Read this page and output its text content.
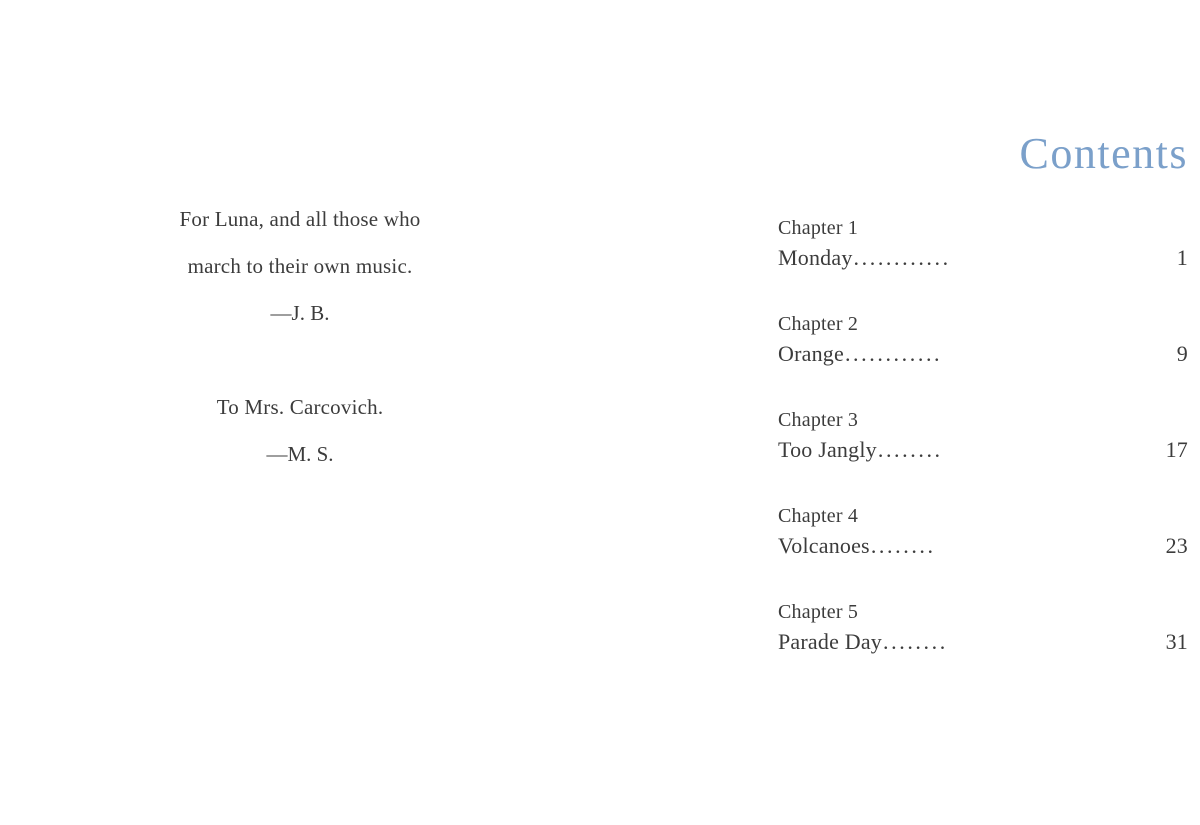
For Luna, and all those who
march to their own music.
—J. B.
To Mrs. Carcovich.
—M. S.
Contents
Chapter 1
Monday ............	1
Chapter 2
Orange ............	9
Chapter 3
Too Jangly ........	17
Chapter 4
Volcanoes ........	23
Chapter 5
Parade Day ........	31
